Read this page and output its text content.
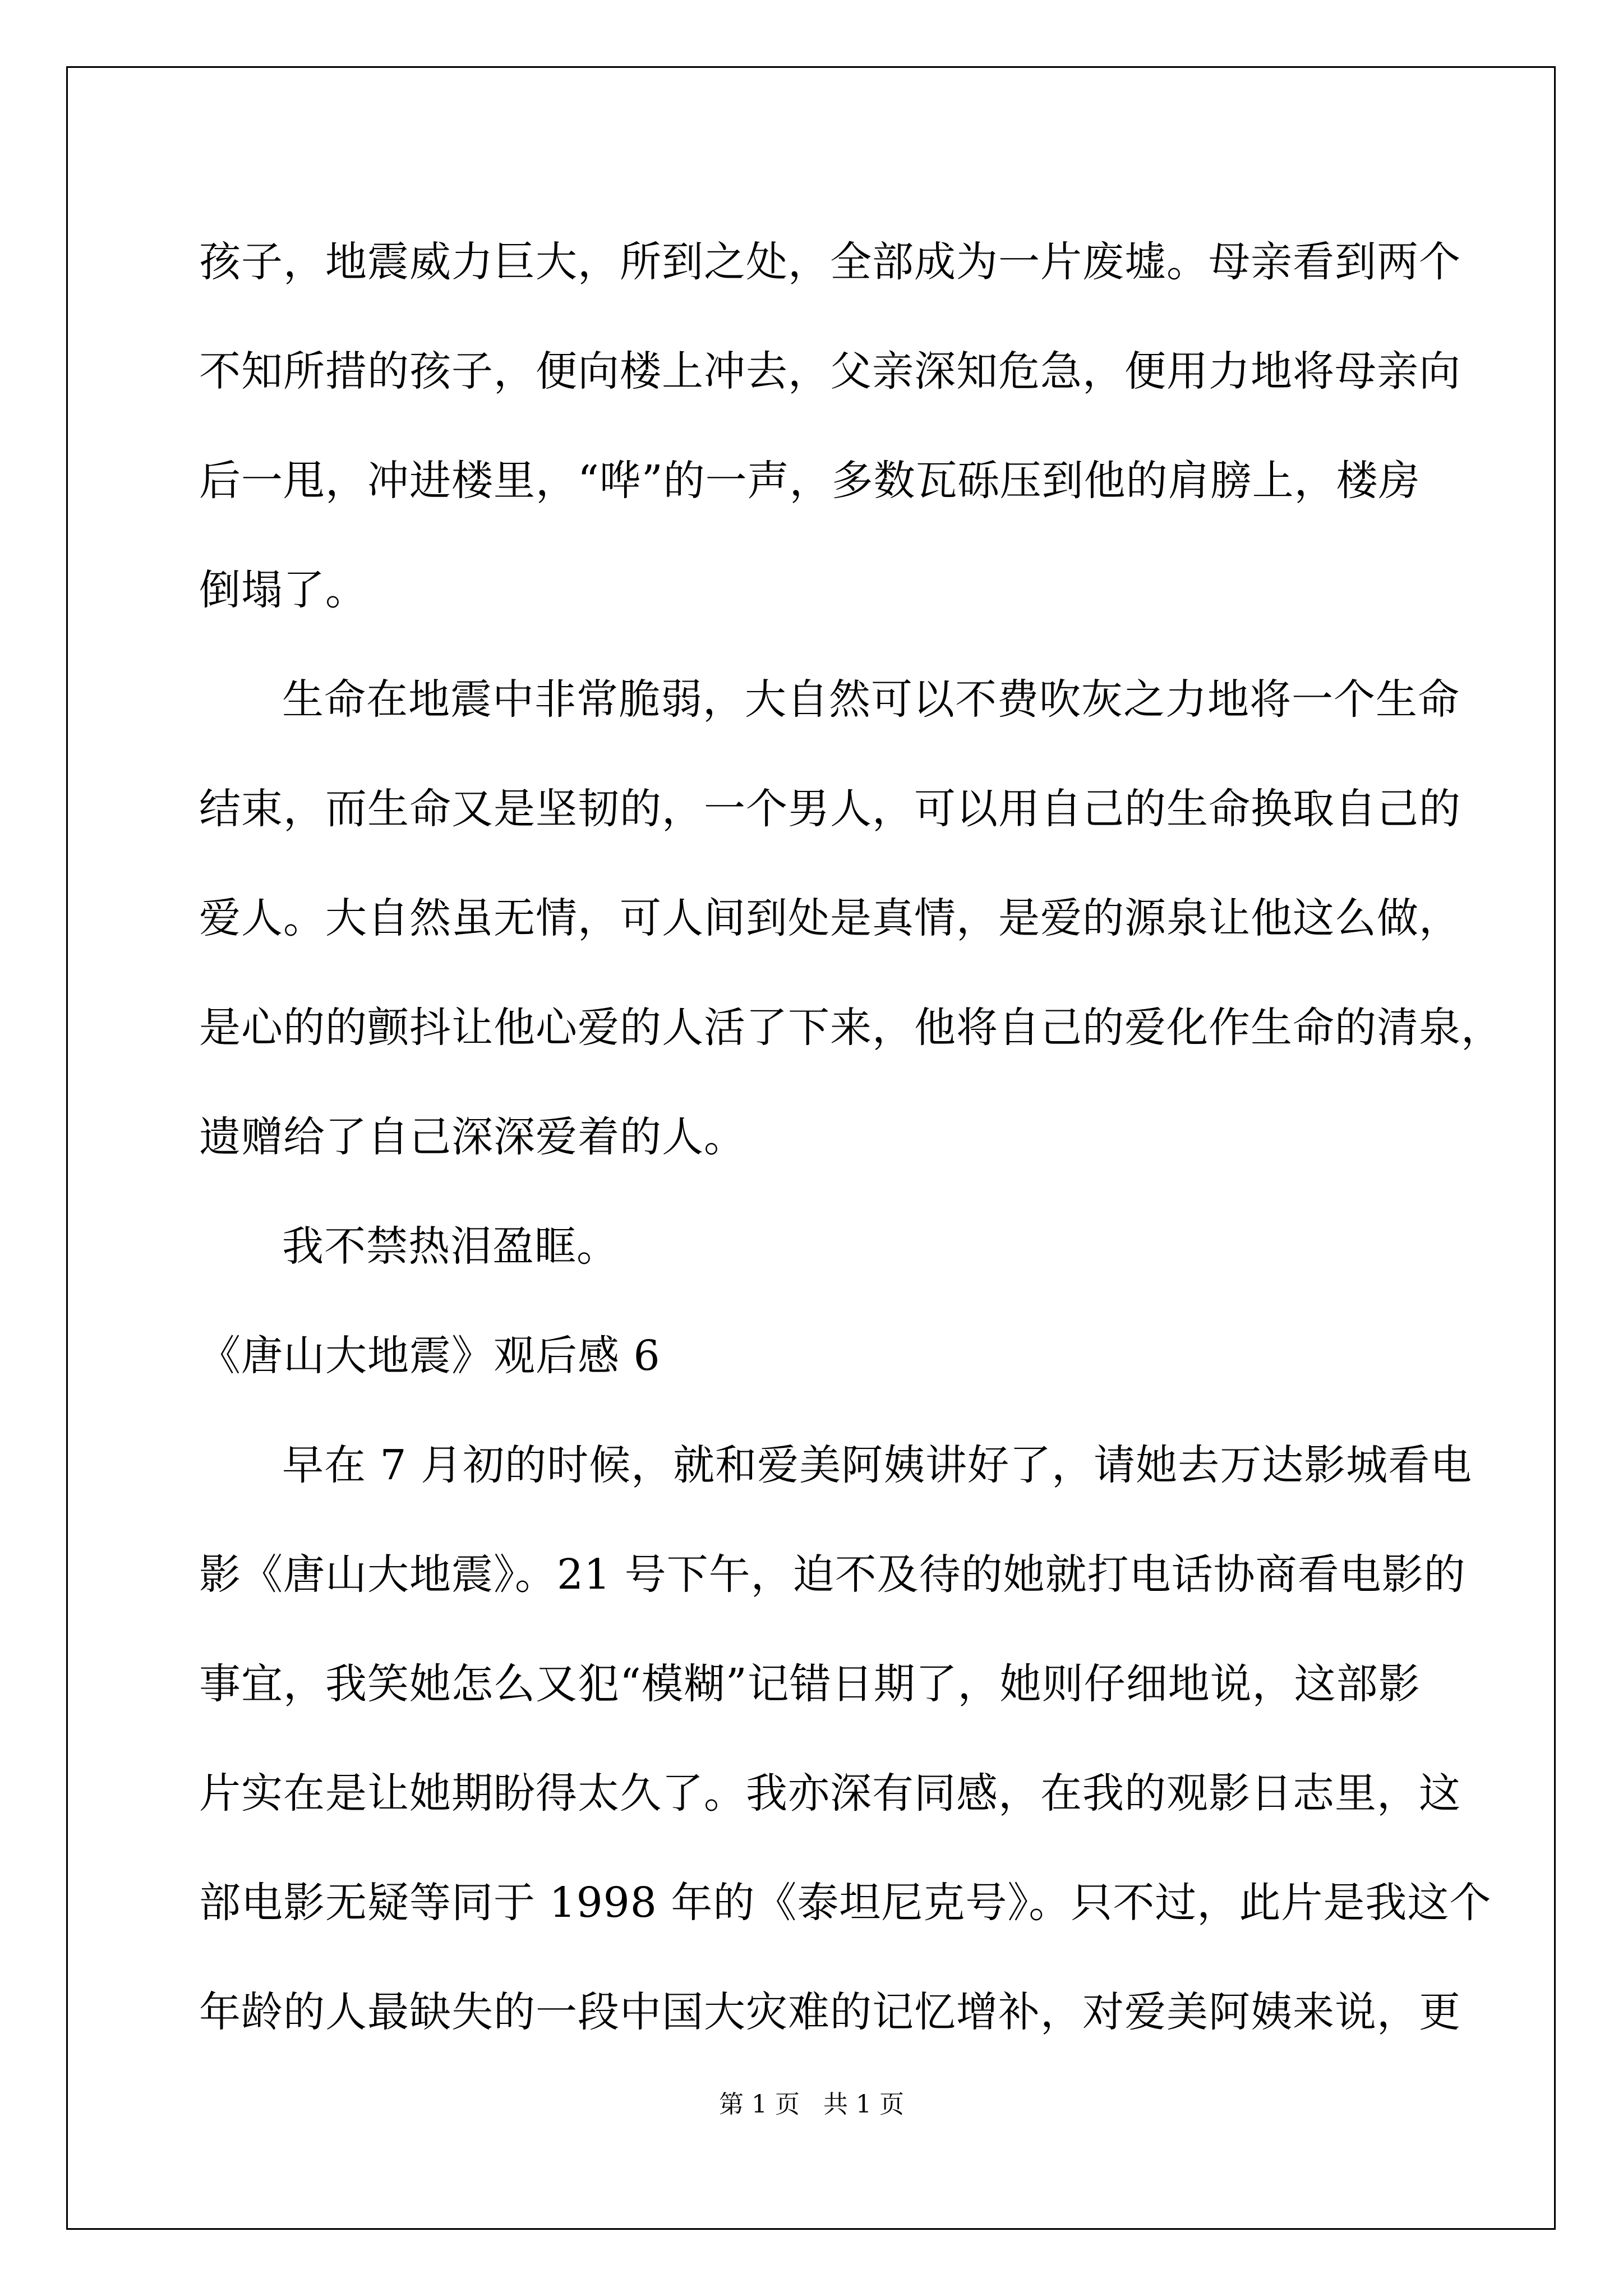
孩子，地震威力巨大，所到之处，全部成为一片废墟。母亲看到两个
不知所措的孩子，便向楼上冲去，父亲深知危急，便用力地将母亲向
后一甩，冲进楼里，“哗”的一声，多数瓦砾压到他的肩膀上，楼房
倒塌了。
生命在地震中非常脆弱，大自然可以不费吹灰之力地将一个生命
结束，而生命又是坚韧的，一个男人，可以用自己的生命换取自己的
爱人。大自然虽无情，可人间到处是真情，是爱的源泉让他这么做，
是心的的颤抖让他心爱的人活了下来，他将自己的爱化作生命的清泉，
遗赠给了自己深深爱着的人。
我不禁热泪盈眶。
《唐山大地震》观后感 6
早在 7 月初的时候，就和爱美阿姨讲好了，请她去万达影城看电
影《唐山大地震》。21 号下午，迫不及待的她就打电话协商看电影的
事宜，我笑她怎么又犯“模糊”记错日期了，她则仔细地说，这部影
片实在是让她期盼得太久了。我亦深有同感，在我的观影日志里，这
部电影无疑等同于 1998 年的《泰坦尼克号》。只不过，此片是我这个
年龄的人最缺失的一段中国大灾难的记忆增补，对爱美阿姨来说，更
第 1 页   共 1 页
